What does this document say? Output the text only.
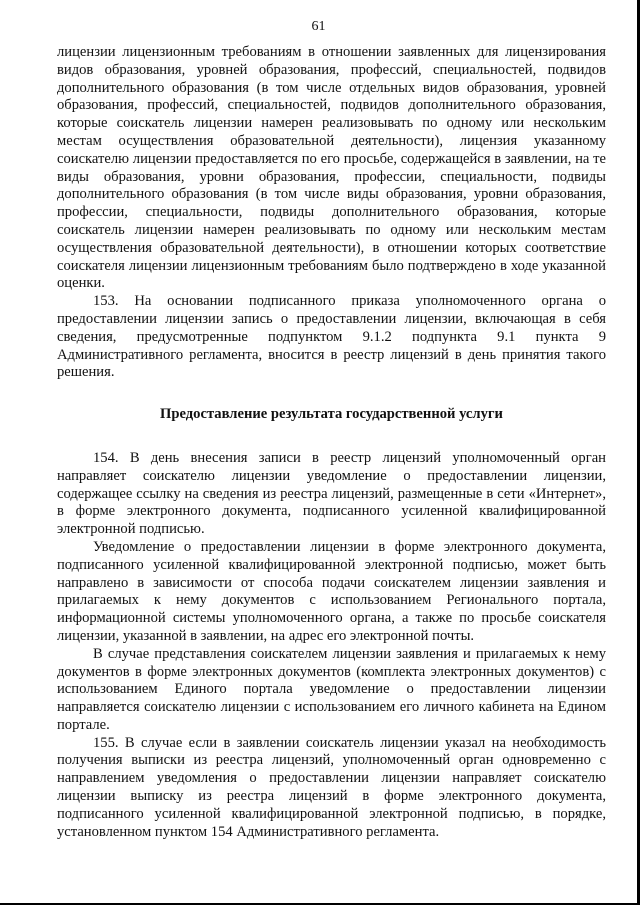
61

лицензии лицензионным требованиям в отношении заявленных для лицензирования видов образования, уровней образования, профессий, специальностей, подвидов дополнительного образования (в том числе отдельных видов образования, уровней образования, профессий, специальностей, подвидов дополнительного образования, которые соискатель лицензии намерен реализовывать по одному или нескольким местам осуществления образовательной деятельности), лицензия указанному соискателю лицензии предоставляется по его просьбе, содержащейся в заявлении, на те виды образования, уровни образования, профессии, специальности, подвиды дополнительного образования (в том числе виды образования, уровни образования, профессии, специальности, подвиды дополнительного образования, которые соискатель лицензии намерен реализовывать по одному или нескольким местам осуществления образовательной деятельности), в отношении которых соответствие соискателя лицензии лицензионным требованиям было подтверждено в ходе указанной оценки.

153. На основании подписанного приказа уполномоченного органа о предоставлении лицензии запись о предоставлении лицензии, включающая в себя сведения, предусмотренные подпунктом 9.1.2 подпункта 9.1 пункта 9 Административного регламента, вносится в реестр лицензий в день принятия такого решения.

Предоставление результата государственной услуги

154. В день внесения записи в реестр лицензий уполномоченный орган направляет соискателю лицензии уведомление о предоставлении лицензии, содержащее ссылку на сведения из реестра лицензий, размещенные в сети «Интернет», в форме электронного документа, подписанного усиленной квалифицированной электронной подписью.

Уведомление о предоставлении лицензии в форме электронного документа, подписанного усиленной квалифицированной электронной подписью, может быть направлено в зависимости от способа подачи соискателем лицензии заявления и прилагаемых к нему документов с использованием Регионального портала, информационной системы уполномоченного органа, а также по просьбе соискателя лицензии, указанной в заявлении, на адрес его электронной почты.

В случае представления соискателем лицензии заявления и прилагаемых к нему документов в форме электронных документов (комплекта электронных документов) с использованием Единого портала уведомление о предоставлении лицензии направляется соискателю лицензии с использованием его личного кабинета на Едином портале.

155. В случае если в заявлении соискатель лицензии указал на необходимость получения выписки из реестра лицензий, уполномоченный орган одновременно с направлением уведомления о предоставлении лицензии направляет соискателю лицензии выписку из реестра лицензий в форме электронного документа, подписанного усиленной квалифицированной электронной подписью, в порядке, установленном пунктом 154 Административного регламента.
